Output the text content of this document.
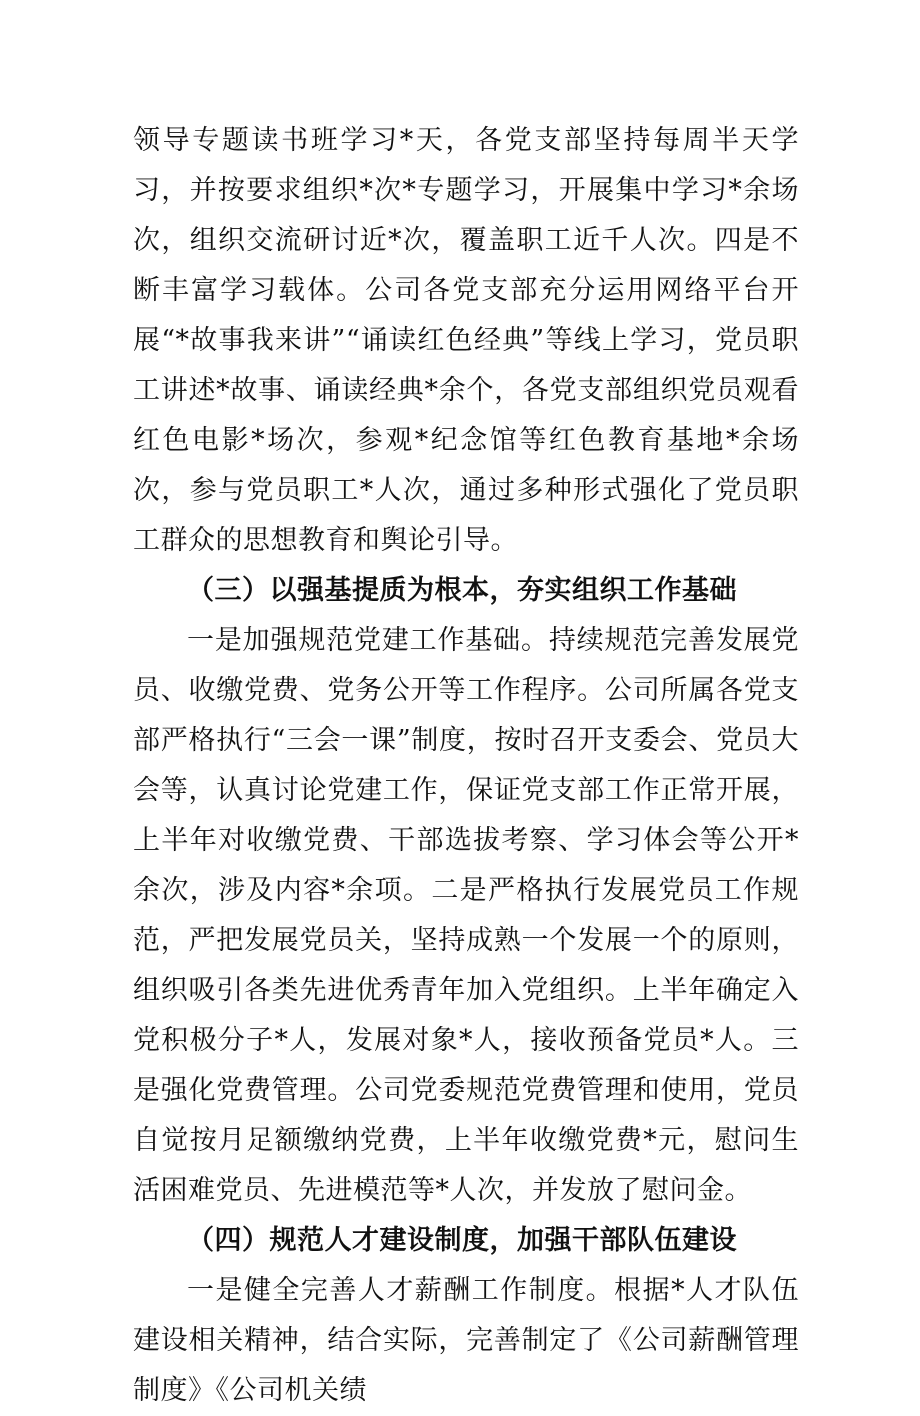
领导专题读书班学习*天，各党支部坚持每周半天学习，并按要求组织*次*专题学习，开展集中学习*余场次，组织交流研讨近*次，覆盖职工近千人次。四是不断丰富学习载体。公司各党支部充分运用网络平台开展“*故事我来讲”“诵读红色经典”等线上学习，党员职工讲述*故事、诵读经典*余个，各党支部组织党员观看红色电影*场次，参观*纪念馆等红色教育基地*余场次，参与党员职工*人次，通过多种形式强化了党员职工群众的思想教育和舆论引导。

（三）以强基提质为根本，夯实组织工作基础

一是加强规范党建工作基础。持续规范完善发展党员、收缴党费、党务公开等工作程序。公司所属各党支部严格执行“三会一课”制度，按时召开支委会、党员大会等，认真讨论党建工作，保证党支部工作正常开展，上半年对收缴党费、干部选拔考察、学习体会等公开*余次，涉及内容*余项。二是严格执行发展党员工作规范，严把发展党员关，坚持成熟一个发展一个的原则，组织吸引各类先进优秀青年加入党组织。上半年确定入党积极分子*人，发展对象*人，接收预备党员*人。三是强化党费管理。公司党委规范党费管理和使用，党员自觉按月足额缴纳党费，上半年收缴党费*元，慰问生活困难党员、先进模范等*人次，并发放了慰问金。

（四）规范人才建设制度，加强干部队伍建设

一是健全完善人才薪酬工作制度。根据*人才队伍建设相关精神，结合实际，完善制定了《公司薪酬管理制度》《公司机关绩
